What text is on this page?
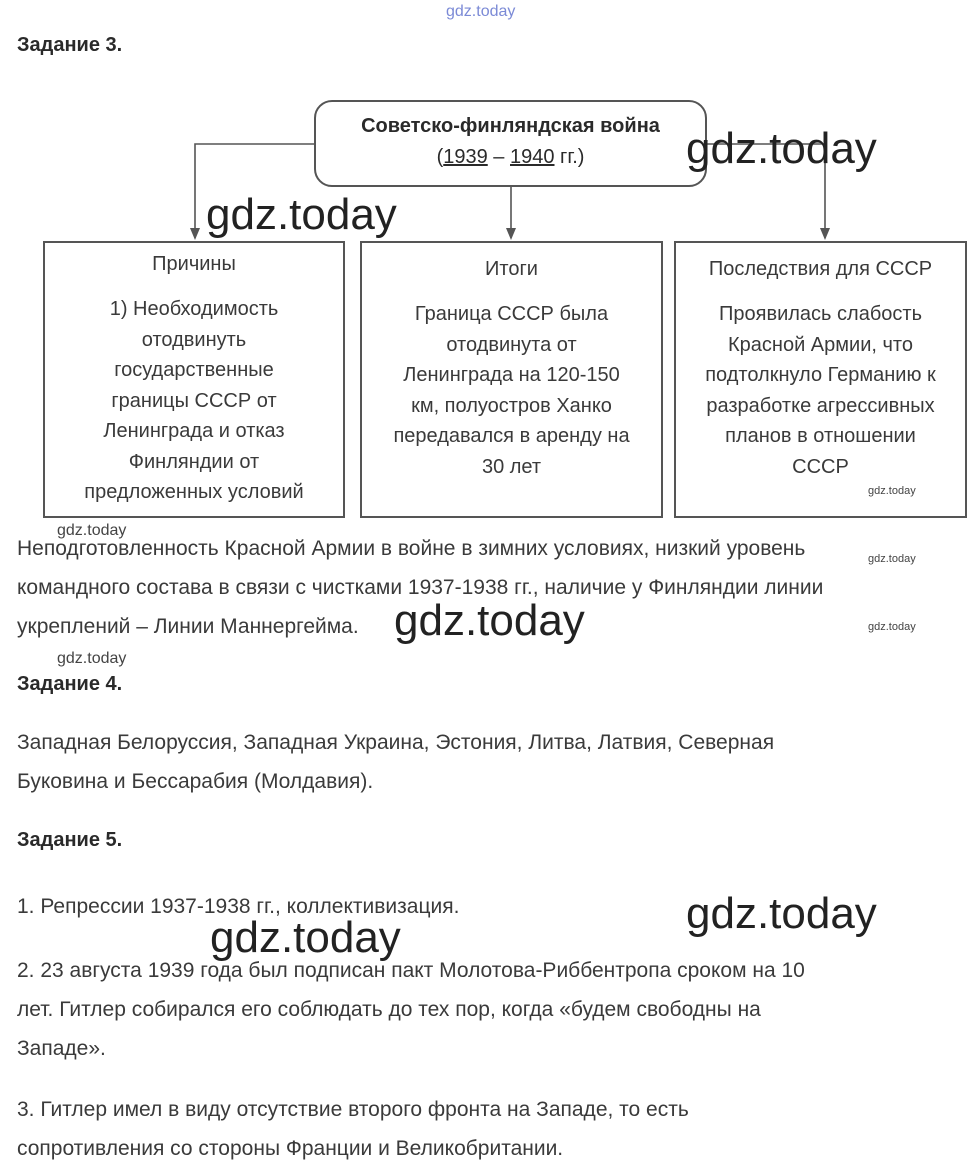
gdz.today
Задание 3.
Советско-финляндская война
(1939 – 1940 гг.)
Причины
1) Необходимость
отодвинуть
государственные
границы СССР от
Ленинграда и отказ
Финляндии от
предложенных условий
Итоги
Граница СССР была
отодвинута от
Ленинграда на 120-150
км, полуостров Ханко
передавался в аренду на
30 лет
Последствия для СССР
Проявилась слабость
Красной Армии, что
подтолкнуло Германию к
разработке агрессивных
планов в отношении
СССР
Неподготовленность Красной Армии в войне в зимних условиях, низкий уровень
командного состава в связи с чистками 1937-1938 гг., наличие у Финляндии линии
укреплений – Линии Маннергейма.
Задание 4.
Западная Белоруссия, Западная Украина, Эстония, Литва, Латвия, Северная
Буковина и Бессарабия (Молдавия).
Задание 5.
1. Репрессии 1937-1938 гг., коллективизация.
2. 23 августа 1939 года был подписан пакт Молотова-Риббентропа сроком на 10
лет. Гитлер собирался его соблюдать до тех пор, когда «будем свободны на
Западе».
3. Гитлер имел в виду отсутствие второго фронта на Западе, то есть
сопротивления со стороны Франции и Великобритании.
gdz.today
gdz.today
gdz.today
gdz.today
gdz.today
gdz.today	gdz.today
gdz.today
gdz.today
gdz.today
